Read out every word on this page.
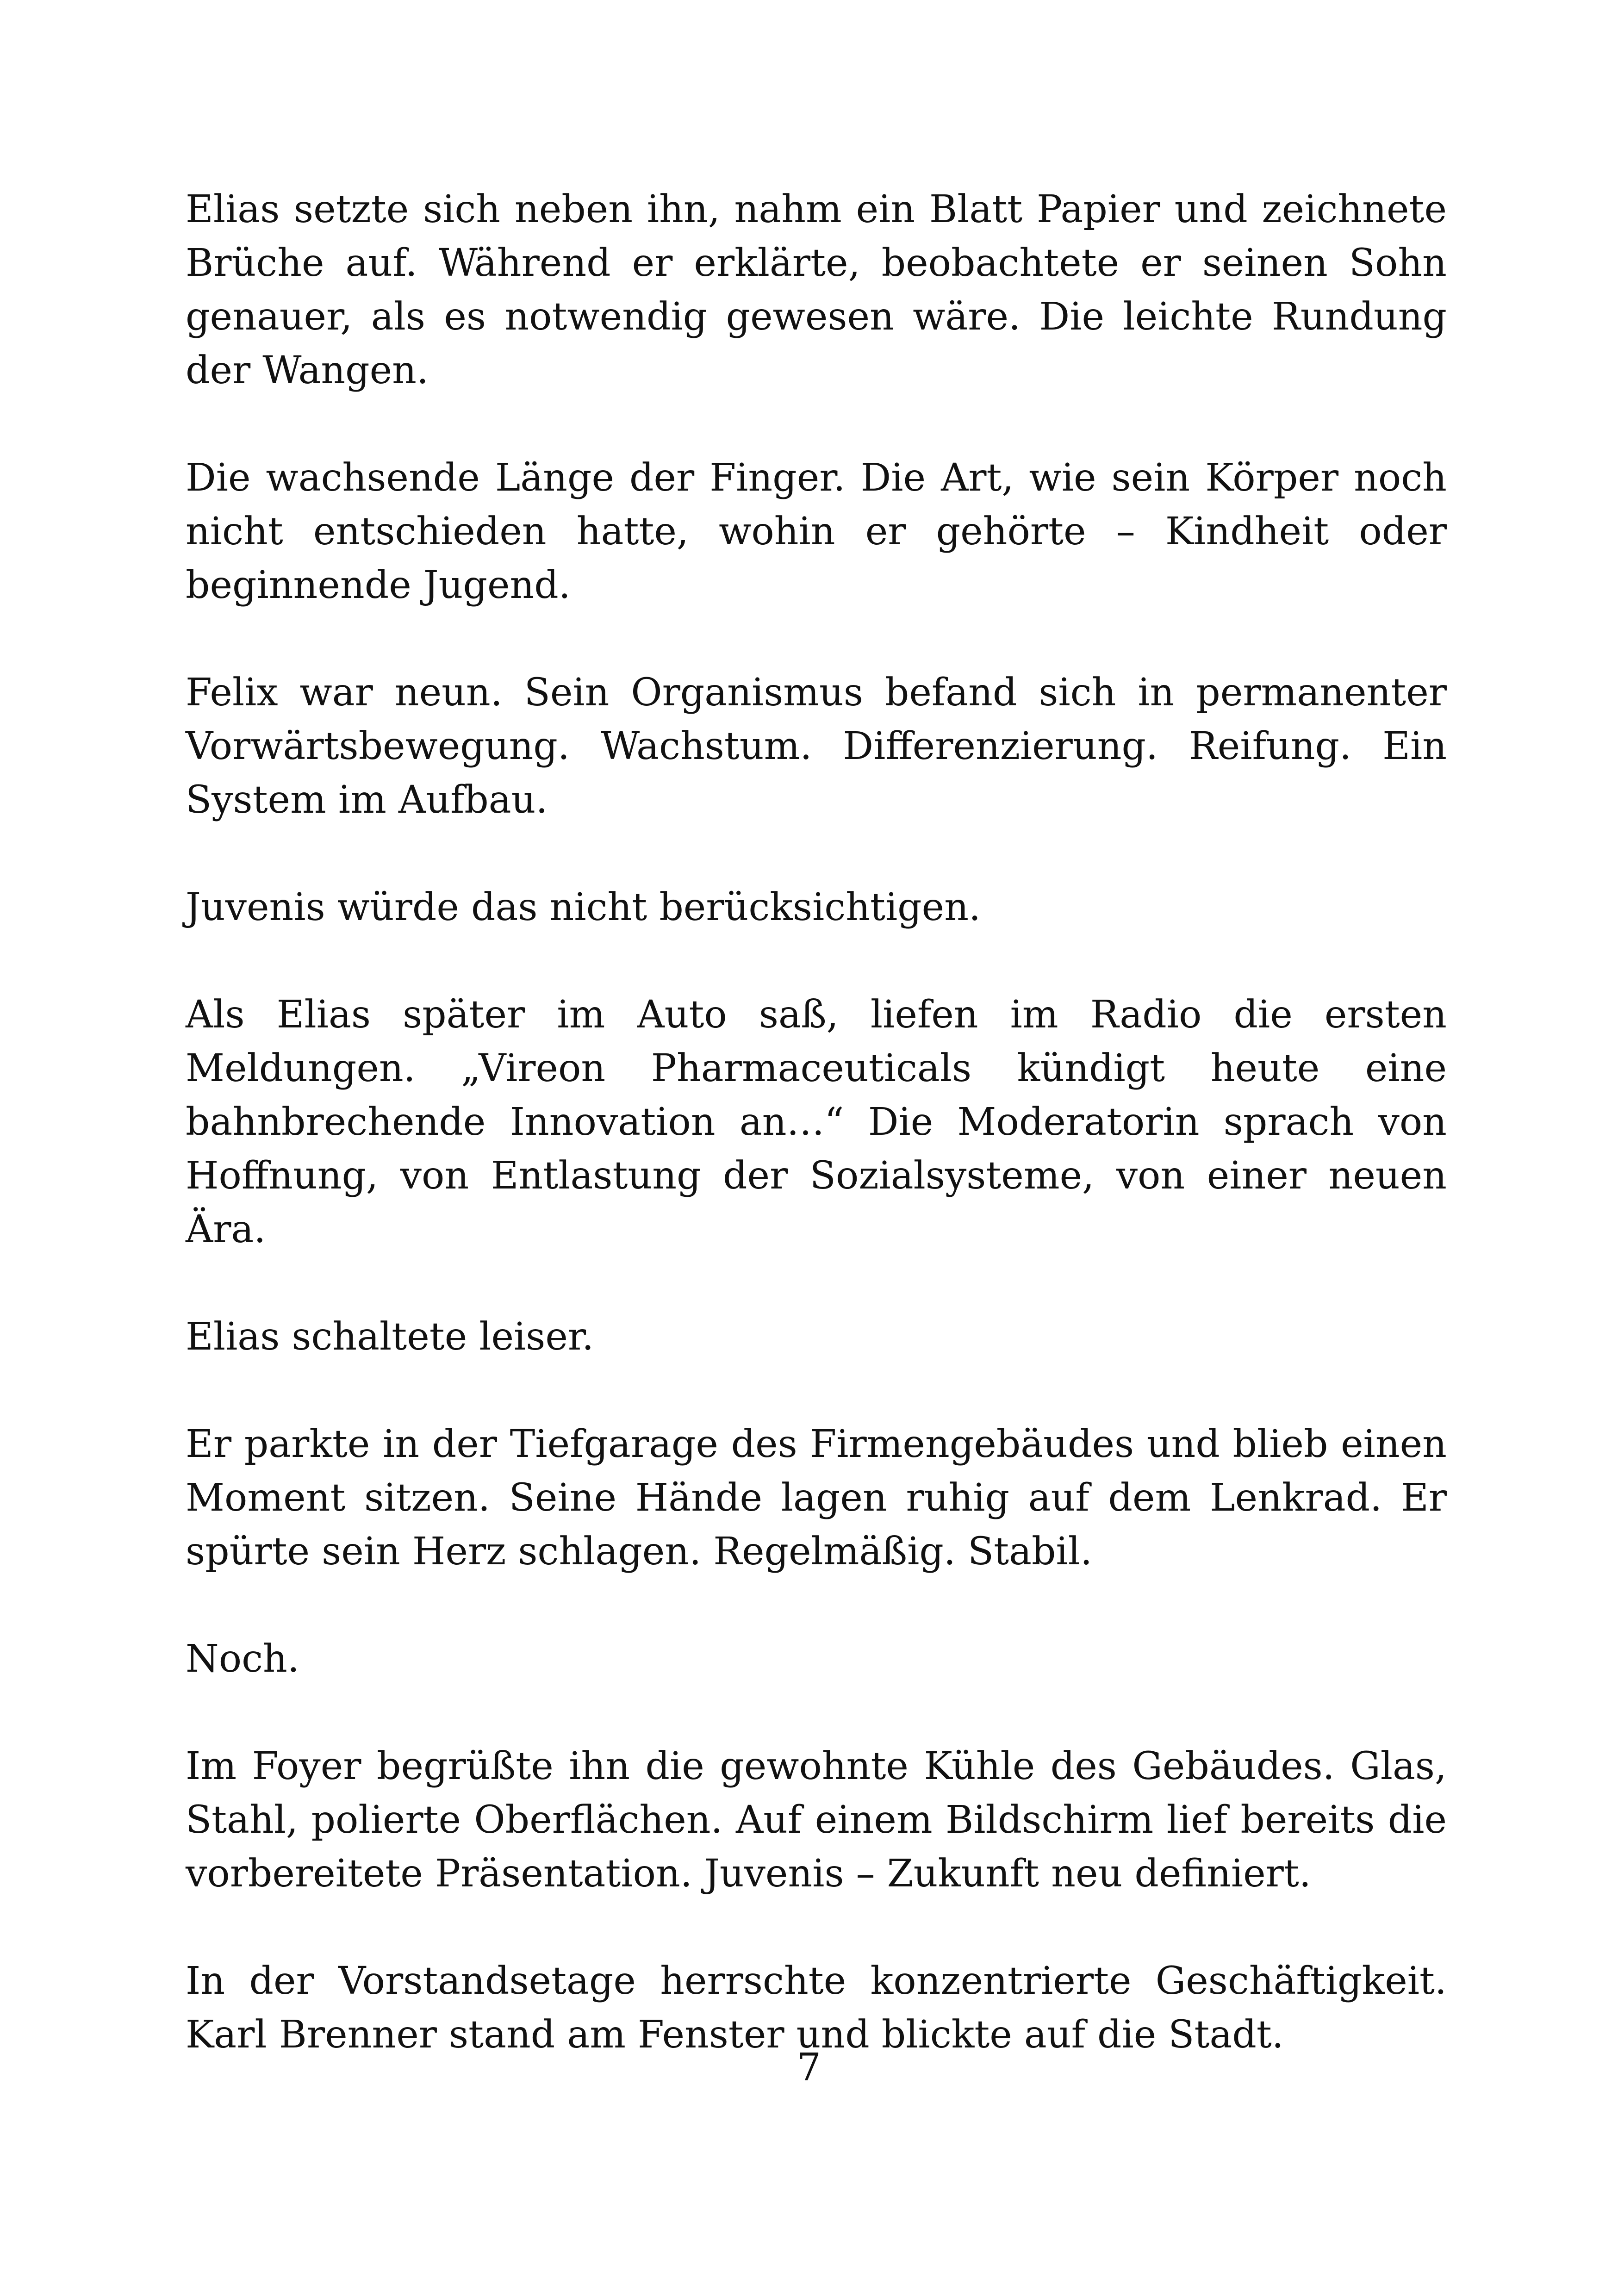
Elias setzte sich neben ihn, nahm ein Blatt Papier und zeichnete Brüche auf. Während er erklärte, beobachtete er seinen Sohn genauer, als es notwendig gewesen wäre. Die leichte Rundung der Wangen.

Die wachsende Länge der Finger. Die Art, wie sein Körper noch nicht entschieden hatte, wohin er gehörte – Kindheit oder beginnende Jugend.

Felix war neun. Sein Organismus befand sich in permanenter Vorwärtsbewegung. Wachstum. Differenzierung. Reifung. Ein System im Aufbau.

Juvenis würde das nicht berücksichtigen.

Als Elias später im Auto saß, liefen im Radio die ersten Meldungen. „Vireon Pharmaceuticals kündigt heute eine bahnbrechende Innovation an…“ Die Moderatorin sprach von Hoffnung, von Entlastung der Sozialsysteme, von einer neuen Ära.

Elias schaltete leiser.

Er parkte in der Tiefgarage des Firmengebäudes und blieb einen Moment sitzen. Seine Hände lagen ruhig auf dem Lenkrad. Er spürte sein Herz schlagen. Regelmäßig. Stabil.

Noch.

Im Foyer begrüßte ihn die gewohnte Kühle des Gebäudes. Glas, Stahl, polierte Oberflächen. Auf einem Bildschirm lief bereits die vorbereitete Präsentation. Juvenis – Zukunft neu definiert.

In der Vorstandsetage herrschte konzentrierte Geschäftigkeit. Karl Brenner stand am Fenster und blickte auf die Stadt.

7
